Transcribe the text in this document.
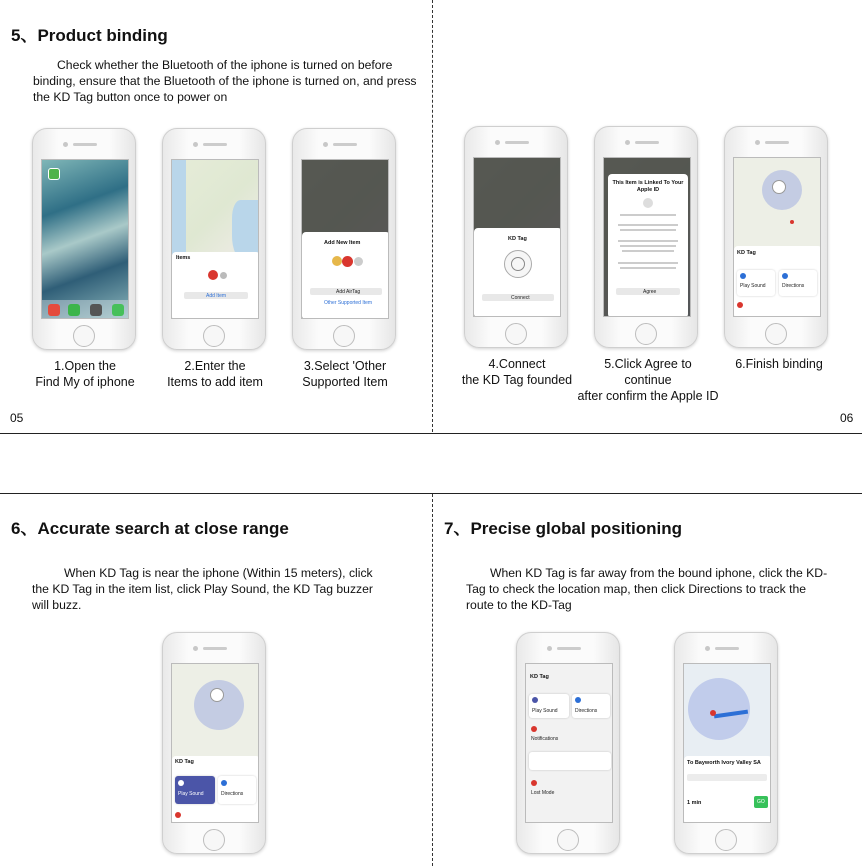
5、Product binding
Check whether the Bluetooth of the iphone is turned on before binding, ensure that the Bluetooth of the iphone is turned on, and press the KD Tag button once to power on
Items
Add Item
Add New Item
Add AirTag
Other Supported Item
1.Open the
Find My of iphone
2.Enter the
Items to add item
3.Select 'Other
Supported Item
05	06
KD Tag
Connect
This Item is Linked To Your Apple ID
Agree
KD Tag
Play Sound	Directions
4.Connect
the KD Tag founded
5.Click Agree to
continue
after confirm the Apple ID
6.Finish binding
6、Accurate search at close range
When KD Tag is near the iphone (Within 15 meters), click the KD Tag in the item list, click Play Sound, the KD Tag buzzer will buzz.
KD Tag
Play Sound	Directions
7、Precise global positioning
When KD Tag is far away from the bound iphone, click the KD-Tag to check the location map, then click Directions to track the route to the KD-Tag
KD Tag
Play Sound	Directions
Notifications
Lost Mode
To Bayworth Ivory Valley SA
1 min	GO
